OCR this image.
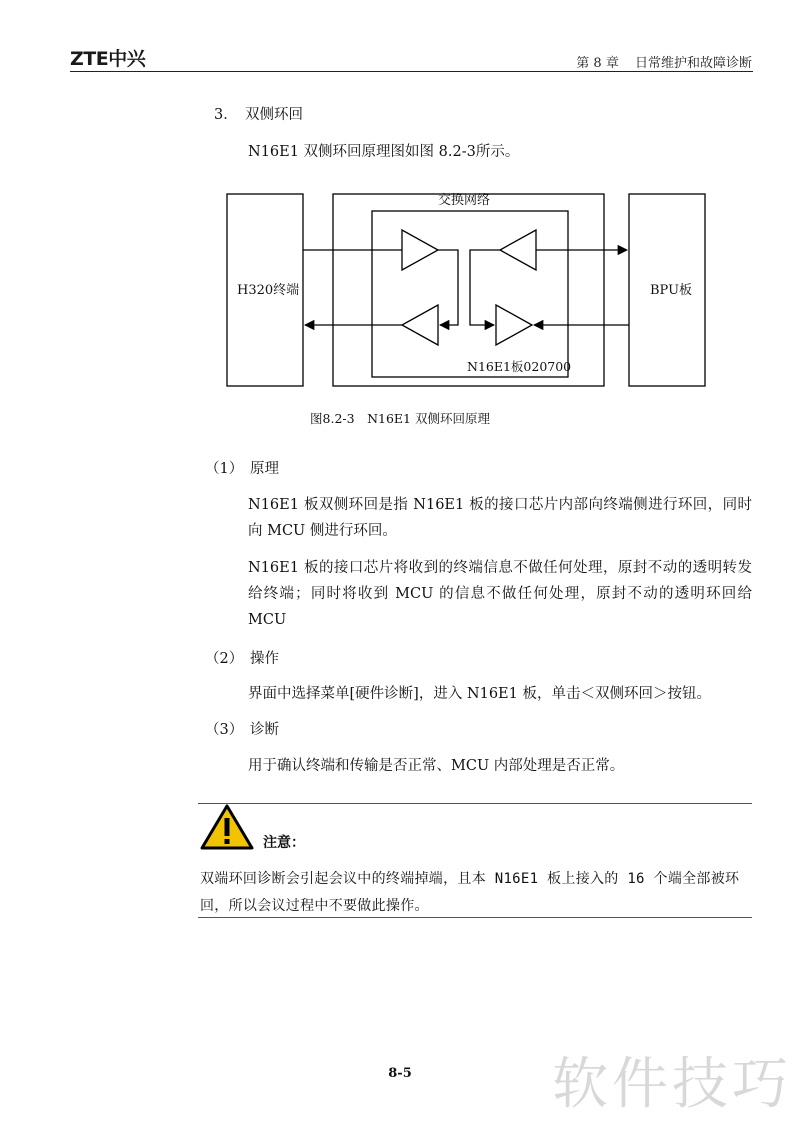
ZTE中兴	第 8 章 日常维护和故障诊断
3．　双侧环回
N16E1 双侧环回原理图如图 8.2-3所示。
H320终端
交换网络
N16E1板020700
BPU板
图8.2-3　N16E1 双侧环回原理
（1） 原理
N16E1 板双侧环回是指 N16E1 板的接口芯片内部向终端侧进行环回，同时向 MCU 侧进行环回。
N16E1 板的接口芯片将收到的终端信息不做任何处理，原封不动的透明转发给终端；同时将收到 MCU 的信息不做任何处理，原封不动的透明环回给 MCU
（2） 操作
界面中选择菜单[硬件诊断]，进入 N16E1 板，单击＜双侧环回＞按钮。
（3） 诊断
用于确认终端和传输是否正常、MCU 内部处理是否正常。
注意：
双端环回诊断会引起会议中的终端掉端，且本 N16E1 板上接入的 16 个端全部被环回，所以会议过程中不要做此操作。
8-5	软件技巧
